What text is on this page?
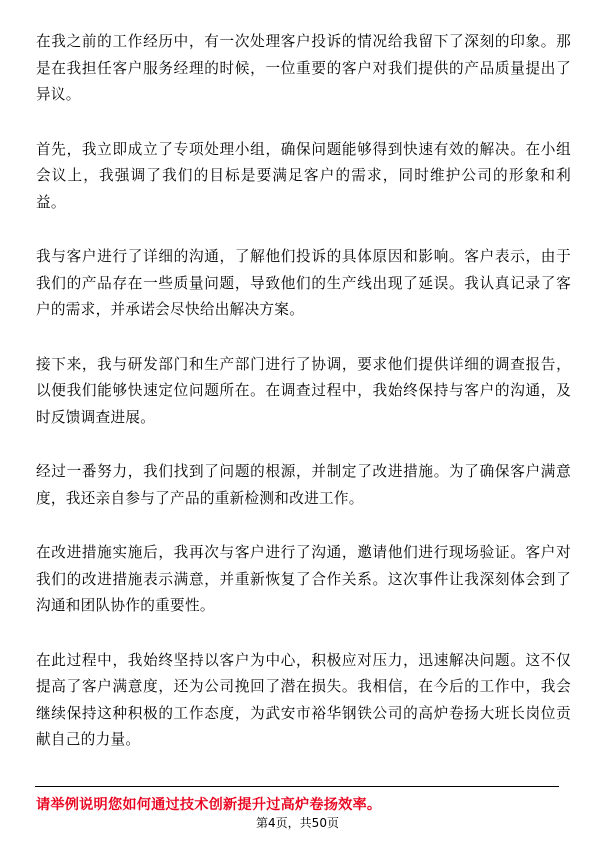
在我之前的工作经历中，有一次处理客户投诉的情况给我留下了深刻的印象。那是在我担任客户服务经理的时候，一位重要的客户对我们提供的产品质量提出了异议。

首先，我立即成立了专项处理小组，确保问题能够得到快速有效的解决。在小组会议上，我强调了我们的目标是要满足客户的需求，同时维护公司的形象和利益。

我与客户进行了详细的沟通，了解他们投诉的具体原因和影响。客户表示，由于我们的产品存在一些质量问题，导致他们的生产线出现了延误。我认真记录了客户的需求，并承诺会尽快给出解决方案。

接下来，我与研发部门和生产部门进行了协调，要求他们提供详细的调查报告，以便我们能够快速定位问题所在。在调查过程中，我始终保持与客户的沟通，及时反馈调查进展。

经过一番努力，我们找到了问题的根源，并制定了改进措施。为了确保客户满意度，我还亲自参与了产品的重新检测和改进工作。

在改进措施实施后，我再次与客户进行了沟通，邀请他们进行现场验证。客户对我们的改进措施表示满意，并重新恢复了合作关系。这次事件让我深刻体会到了沟通和团队协作的重要性。

在此过程中，我始终坚持以客户为中心，积极应对压力，迅速解决问题。这不仅提高了客户满意度，还为公司挽回了潜在损失。我相信，在今后的工作中，我会继续保持这种积极的工作态度，为武安市裕华钢铁公司的高炉卷扬大班长岗位贡献自己的力量。

请举例说明您如何通过技术创新提升过高炉卷扬效率。
第4页，共50页
